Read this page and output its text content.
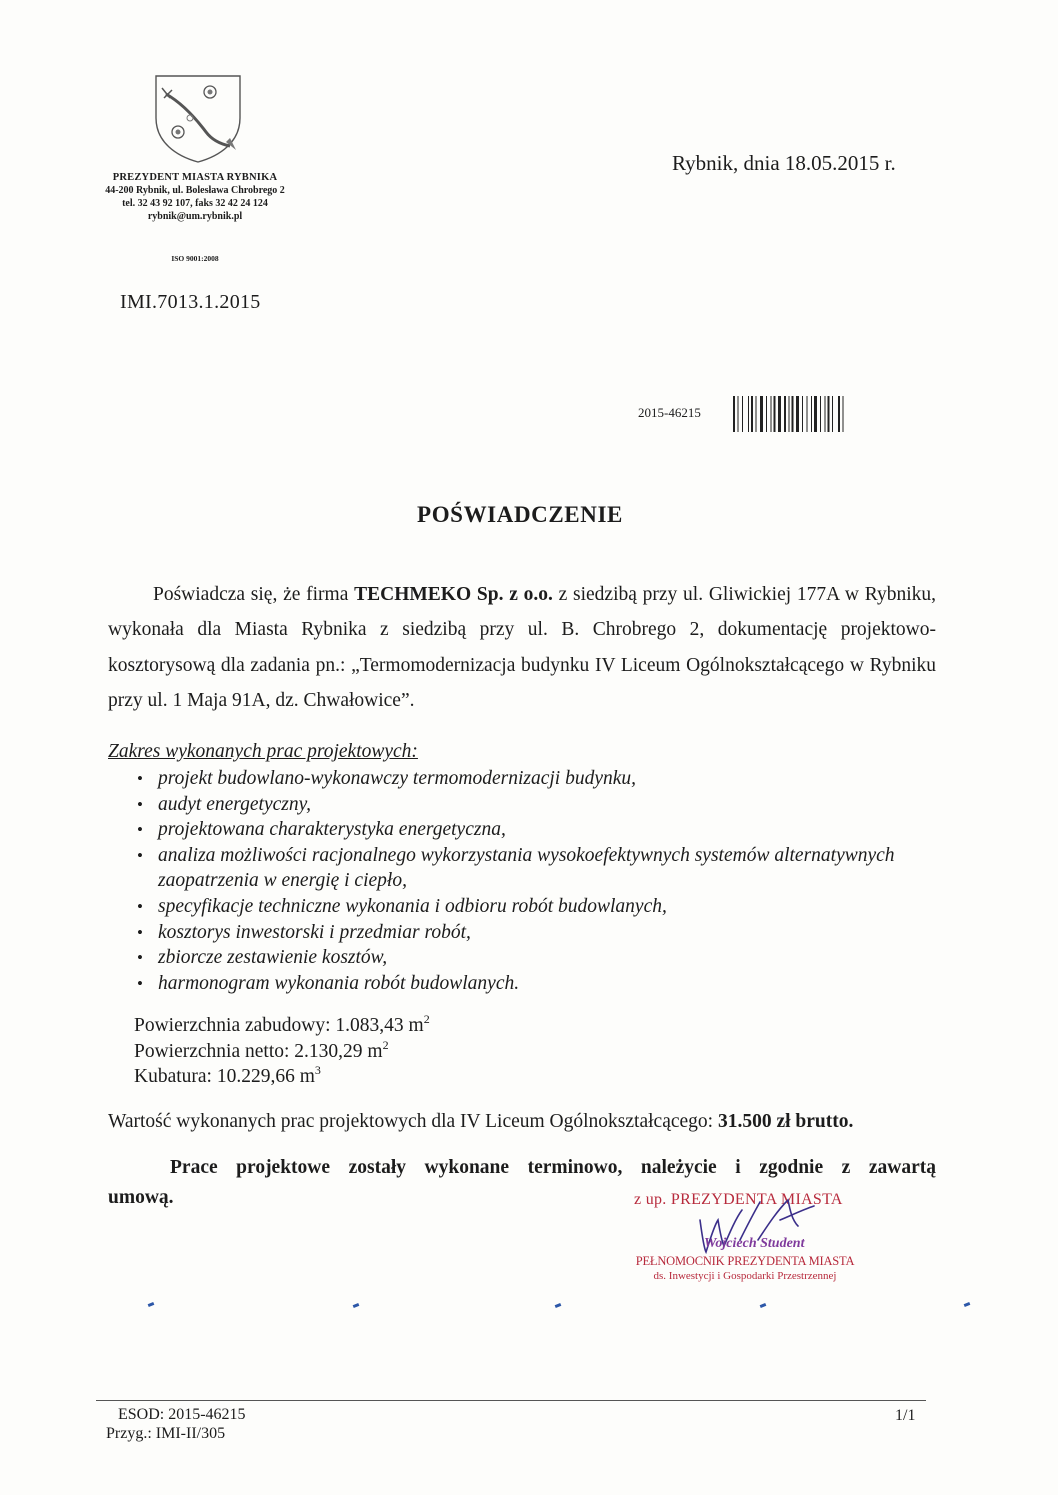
PREZYDENT MIASTA RYBNIKA
44-200 Rybnik, ul. Bolesława Chrobrego 2
tel. 32 43 92 107, faks 32 42 24 124
rybnik@um.rybnik.pl
ISO 9001:2008
Rybnik, dnia 18.05.2015 r.
IMI.7013.1.2015
2015-46215
POŚWIADCZENIE
Poświadcza się, że firma TECHMEKO Sp. z o.o. z siedzibą przy ul. Gliwickiej 177A w Rybniku, wykonała dla Miasta Rybnika z siedzibą przy ul. B. Chrobrego 2, dokumentację projektowo-kosztorysową dla zadania pn.: „Termomodernizacja budynku IV Liceum Ogólnokształcącego w Rybniku przy ul. 1 Maja 91A, dz. Chwałowice”.
Zakres wykonanych prac projektowych:
• projekt budowlano-wykonawczy termomodernizacji budynku,
• audyt energetyczny,
• projektowana charakterystyka energetyczna,
• analiza możliwości racjonalnego wykorzystania wysokoefektywnych systemów alternatywnych zaopatrzenia w energię i ciepło,
• specyfikacje techniczne wykonania i odbioru robót budowlanych,
• kosztorys inwestorski i przedmiar robót,
• zbiorcze zestawienie kosztów,
• harmonogram wykonania robót budowlanych.
Powierzchnia zabudowy: 1.083,43 $m^2$
Powierzchnia netto: 2.130,29 $m^2$
Kubatura: 10.229,66 $m^3$
Wartość wykonanych prac projektowych dla IV Liceum Ogólnokształcącego: 31.500 zł brutto.
Prace projektowe zostały wykonane terminowo, należycie i zgodnie z zawartą
umową.	z up. PREZYDENTA MIASTA
Wojciech Student
PEŁNOMOCNIK PREZYDENTA MIASTA
ds. Inwestycji i Gospodarki Przestrzennej
ESOD: 2015-46215
Przyg.: IMI-II/305
1/1
